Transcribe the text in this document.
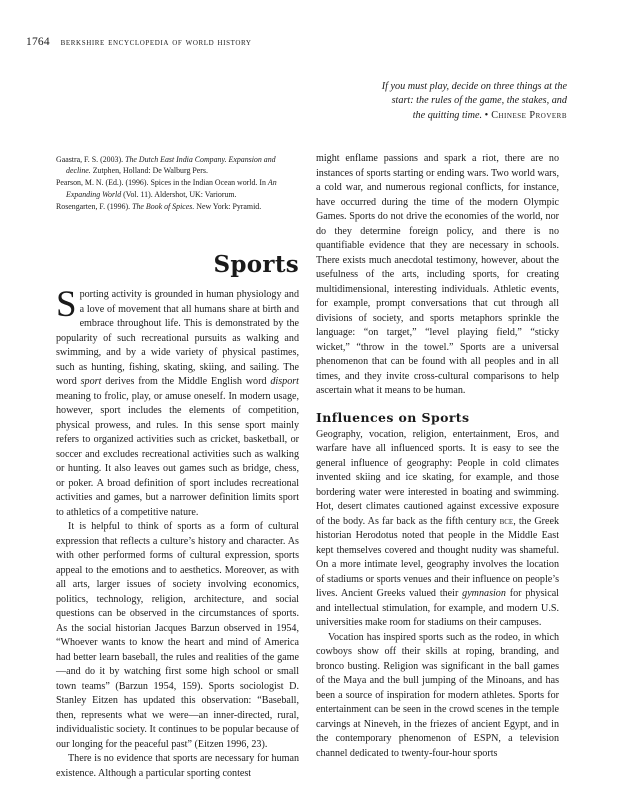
1764 berkshire encyclopedia of world history
If you must play, decide on three things at the
start: the rules of the game, the stakes, and
the quitting time. • Chinese Proverb
Gaastra, F. S. (2003). The Dutch East India Company. Expansion and decline. Zutphen, Holland: De Walburg Pers.
Pearson, M. N. (Ed.). (1996). Spices in the Indian Ocean world. In An Expanding World (Vol. 11). Aldershot, UK: Variorum.
Rosengarten, F. (1996). The Book of Spices. New York: Pyramid.
Sports

Sporting activity is grounded in human physiology and a love of movement that all humans share at birth and embrace throughout life. This is demonstrated by the popularity of such recreational pursuits as walking and swimming, and by a wide variety of physical pastimes, such as hunting, fishing, skating, skiing, and sailing. The word sport derives from the Middle English word disport meaning to frolic, play, or amuse oneself. In modern usage, however, sport includes the elements of competition, physical prowess, and rules. In this sense sport mainly refers to organized activities such as cricket, basketball, or soccer and excludes recreational activities such as walking or hunting. It also leaves out games such as bridge, chess, or poker. A broad definition of sport includes recreational activities and games, but a narrower definition limits sport to athletics of a competitive nature.

It is helpful to think of sports as a form of cultural expression that reflects a culture’s history and character. As with other performed forms of cultural expression, sports appeal to the emotions and to aesthetics. Moreover, as with all arts, larger issues of society involving economics, politics, technology, religion, architecture, and social questions can be observed in the circumstances of sports. As the social historian Jacques Barzun observed in 1954, “Whoever wants to know the heart and mind of America had better learn baseball, the rules and realities of the game—and do it by watching first some high school or small town teams” (Barzun 1954, 159). Sports sociologist D. Stanley Eitzen has updated this observation: “Baseball, then, represents what we were—an inner-directed, rural, individualistic society. It continues to be popular because of our longing for the peaceful past” (Eitzen 1996, 23).

There is no evidence that sports are necessary for human existence. Although a particular sporting contest

might enflame passions and spark a riot, there are no instances of sports starting or ending wars. Two world wars, a cold war, and numerous regional conflicts, for instance, have occurred during the time of the modern Olympic Games. Sports do not drive the economies of the world, nor do they determine foreign policy, and there is no quantifiable evidence that they are necessary in schools. There exists much anecdotal testimony, however, about the usefulness of the arts, including sports, for creating multidimensional, interesting individuals. Athletic events, for example, prompt conversations that cut through all divisions of society, and sports metaphors sprinkle the language: “on target,” “level playing field,” “sticky wicket,” “throw in the towel.” Sports are a universal phenomenon that can be found with all peoples and in all times, and they invite cross-cultural comparisons to help ascertain what it means to be human.

Influences on Sports

Geography, vocation, religion, entertainment, Eros, and warfare have all influenced sports. It is easy to see the general influence of geography: People in cold climates invented skiing and ice skating, for example, and those bordering water were interested in boating and swimming. Hot, desert climates cautioned against excessive exposure of the body. As far back as the fifth century bce, the Greek historian Herodotus noted that people in the Middle East kept themselves covered and thought nudity was shameful. On a more intimate level, geography involves the location of stadiums or sports venues and their influence on people’s lives. Ancient Greeks valued their gymnasion for physical and intellectual stimulation, for example, and modern U.S. universities make room for stadiums on their campuses.

Vocation has inspired sports such as the rodeo, in which cowboys show off their skills at roping, branding, and bronco busting. Religion was significant in the ball games of the Maya and the bull jumping of the Minoans, and has been a source of inspiration for modern athletes. Sports for entertainment can be seen in the crowd scenes in the temple carvings at Nineveh, in the friezes of ancient Egypt, and in the contemporary phenomenon of ESPN, a television channel dedicated to twenty-four-hour sports
